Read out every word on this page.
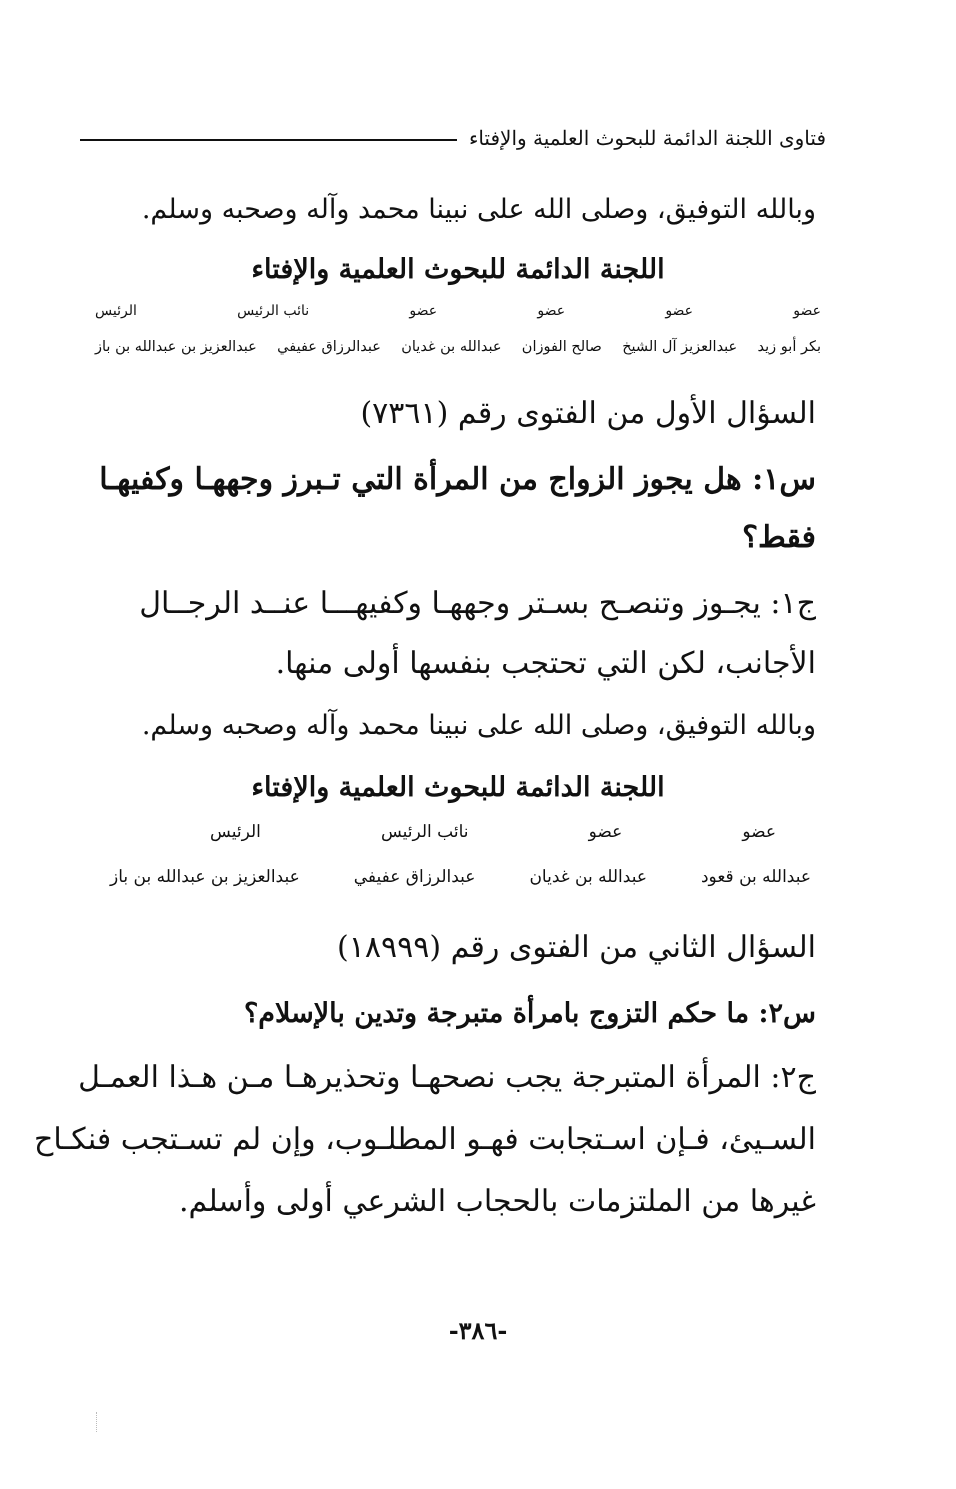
فتاوى اللجنة الدائمة للبحوث العلمية والإفتاء
وبالله التوفيق، وصلى الله على نبينا محمد وآله وصحبه وسلم.
اللجنة الدائمة للبحوث العلمية والإفتاء
عضو
عضو
عضو
عضو
نائب الرئيس
الرئيس
بكر أبو زيد
عبدالعزيز آل الشيخ
صالح الفوزان
عبدالله بن غديان
عبدالرزاق عفيفي
عبدالعزيز بن عبدالله بن باز
السؤال الأول من الفتوى رقم (٧٣٦١)
س١: هل يجوز الزواج من المرأة التي تـبرز وجههـا وكفيهـا
فقط؟
ج١: يجـوز وتنصـح بسـتر وجههـا وكفيهـــا عنــد الرجــال
الأجانب، لكن التي تحتجب بنفسها أولى منها.
وبالله التوفيق، وصلى الله على نبينا محمد وآله وصحبه وسلم.
اللجنة الدائمة للبحوث العلمية والإفتاء
عضو
عضو
نائب الرئيس
الرئيس
عبدالله بن قعود
عبدالله بن غديان
عبدالرزاق عفيفي
عبدالعزيز بن عبدالله بن باز
السؤال الثاني من الفتوى رقم (١٨٩٩٩)
س٢: ما حكم التزوج بامرأة متبرجة وتدين بالإسلام؟
ج٢: المرأة المتبرجة يجب نصحهـا وتحذيرهـا مـن هـذا العمـل
السـيئ، فـإن اسـتجابت فهـو المطلـوب، وإن لم تسـتجب فنكـاح
غيرها من الملتزمات بالحجاب الشرعي أولى وأسلم.
-٣٨٦-
